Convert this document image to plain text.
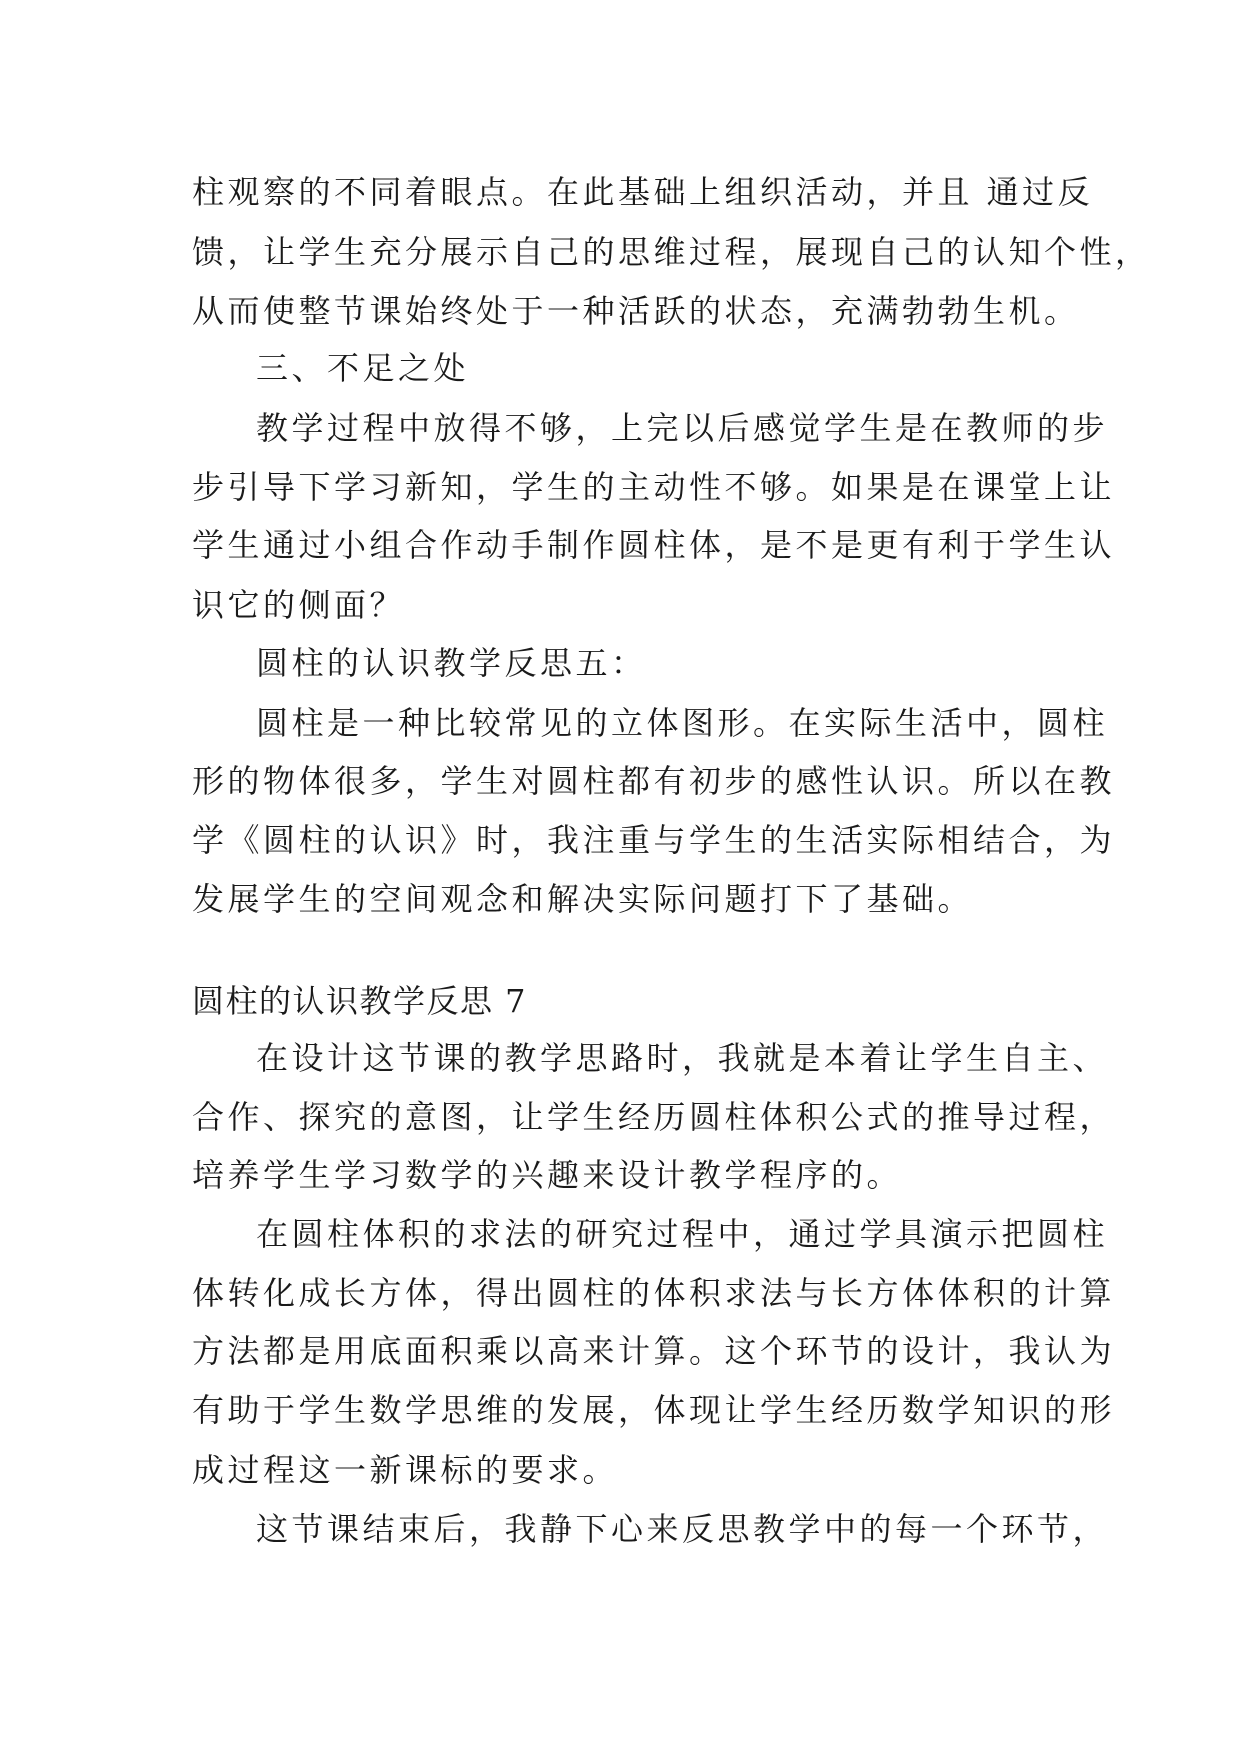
柱观察的不同着眼点。在此基础上组织活动，并且 通过反
馈，让学生充分展示自己的思维过程，展现自己的认知个性，
从而使整节课始终处于一种活跃的状态，充满勃勃生机。
三、不足之处
教学过程中放得不够，上完以后感觉学生是在教师的步
步引导下学习新知，学生的主动性不够。如果是在课堂上让
学生通过小组合作动手制作圆柱体，是不是更有利于学生认
识它的侧面？
圆柱的认识教学反思五：
圆柱是一种比较常见的立体图形。在实际生活中，圆柱
形的物体很多，学生对圆柱都有初步的感性认识。所以在教
学《圆柱的认识》时，我注重与学生的生活实际相结合，为
发展学生的空间观念和解决实际问题打下了基础。
圆柱的认识教学反思 7
在设计这节课的教学思路时，我就是本着让学生自主、
合作、探究的意图，让学生经历圆柱体积公式的推导过程，
培养学生学习数学的兴趣来设计教学程序的。
在圆柱体积的求法的研究过程中，通过学具演示把圆柱
体转化成长方体，得出圆柱的体积求法与长方体体积的计算
方法都是用底面积乘以高来计算。这个环节的设计，我认为
有助于学生数学思维的发展，体现让学生经历数学知识的形
成过程这一新课标的要求。
这节课结束后，我静下心来反思教学中的每一个环节，
